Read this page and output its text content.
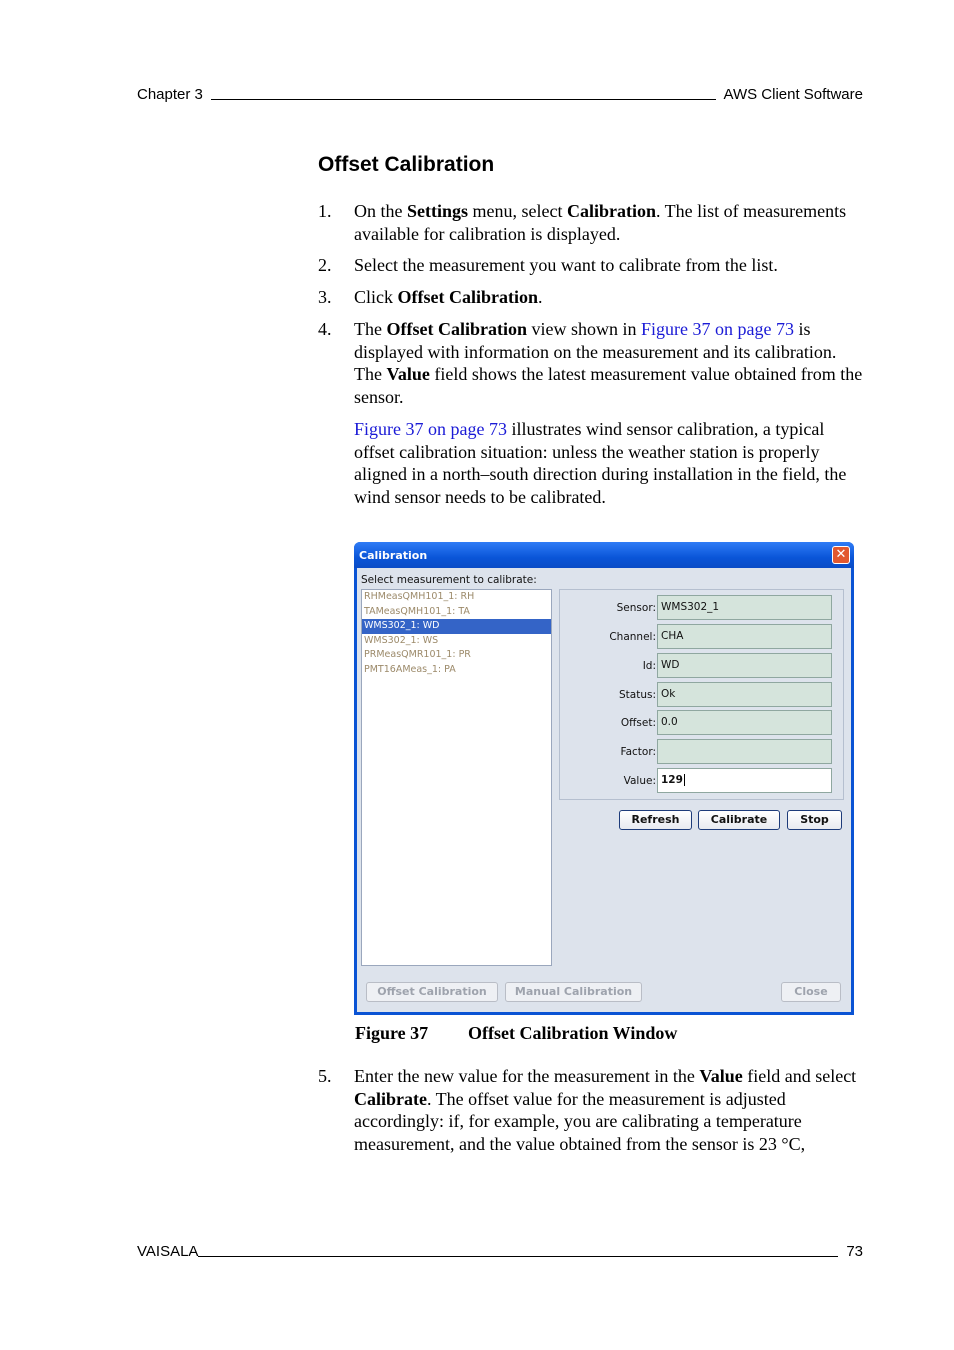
Chapter 3	AWS Client Software
Offset Calibration
1. On the Settings menu, select Calibration. The list of measurements available for calibration is displayed.
2. Select the measurement you want to calibrate from the list.
3. Click Offset Calibration.
4. The Offset Calibration view shown in Figure 37 on page 73 is displayed with information on the measurement and its calibration. The Value field shows the latest measurement value obtained from the sensor.
Figure 37 on page 73 illustrates wind sensor calibration, a typical offset calibration situation: unless the weather station is properly aligned in a north–south direction during installation in the field, the wind sensor needs to be calibrated.
Calibration	✕
Select measurement to calibrate:
RHMeasQMH101_1: RH
TAMeasQMH101_1: TA
WMS302_1: WD
WMS302_1: WS
PRMeasQMR101_1: PR
PMT16AMeas_1: PA
Sensor: WMS302_1
Channel: CHA
Id: WD
Status: Ok
Offset: 0.0
Factor:
Value: 129
Refresh	Calibrate	Stop
Offset Calibration	Manual Calibration	Close
Figure 37 Offset Calibration Window
5. Enter the new value for the measurement in the Value field and select Calibrate. The offset value for the measurement is adjusted accordingly: if, for example, you are calibrating a temperature measurement, and the value obtained from the sensor is 23 °C,
VAISALA	73
